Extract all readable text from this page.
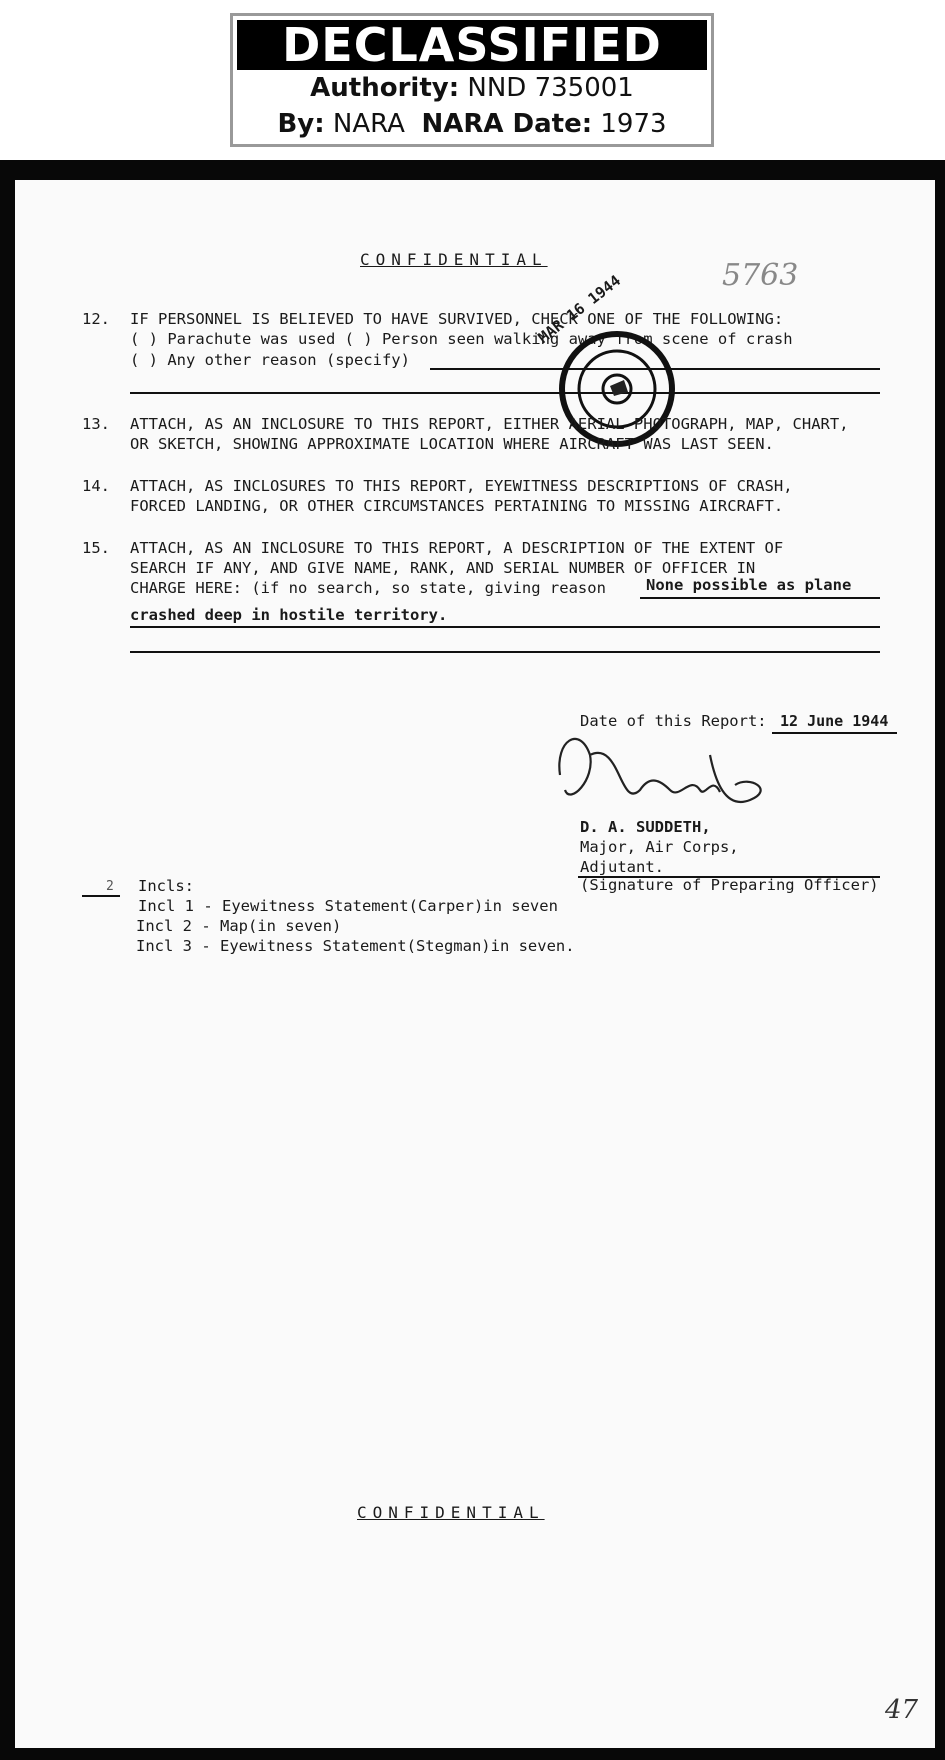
DECLASSIFIED
Authority: NND 735001
By: NARA NARA Date: 1973
CONFIDENTIAL	5763
12. IF PERSONNEL IS BELIEVED TO HAVE SURVIVED, CHECK ONE OF THE FOLLOWING:
( ) Parachute was used ( ) Person seen walking away from scene of crash
( ) Any other reason (specify)
MAR 16 1944
13. ATTACH, AS AN INCLOSURE TO THIS REPORT, EITHER AERIAL PHOTOGRAPH, MAP, CHART,
OR SKETCH, SHOWING APPROXIMATE LOCATION WHERE AIRCRAFT WAS LAST SEEN.
14. ATTACH, AS INCLOSURES TO THIS REPORT, EYEWITNESS DESCRIPTIONS OF CRASH,
FORCED LANDING, OR OTHER CIRCUMSTANCES PERTAINING TO MISSING AIRCRAFT.
15. ATTACH, AS AN INCLOSURE TO THIS REPORT, A DESCRIPTION OF THE EXTENT OF
SEARCH IF ANY, AND GIVE NAME, RANK, AND SERIAL NUMBER OF OFFICER IN
CHARGE HERE: (if no search, so state, giving reason	None possible as plane
crashed deep in hostile territory.
Date of this Report: 12 June 1944
D. A. SUDDETH,
Major, Air Corps,
Adjutant.
(Signature of Preparing Officer)
2 Incls:
Incl 1 - Eyewitness Statement(Carper)in seven
Incl 2 - Map(in seven)
Incl 3 - Eyewitness Statement(Stegman)in seven.
CONFIDENTIAL
47
